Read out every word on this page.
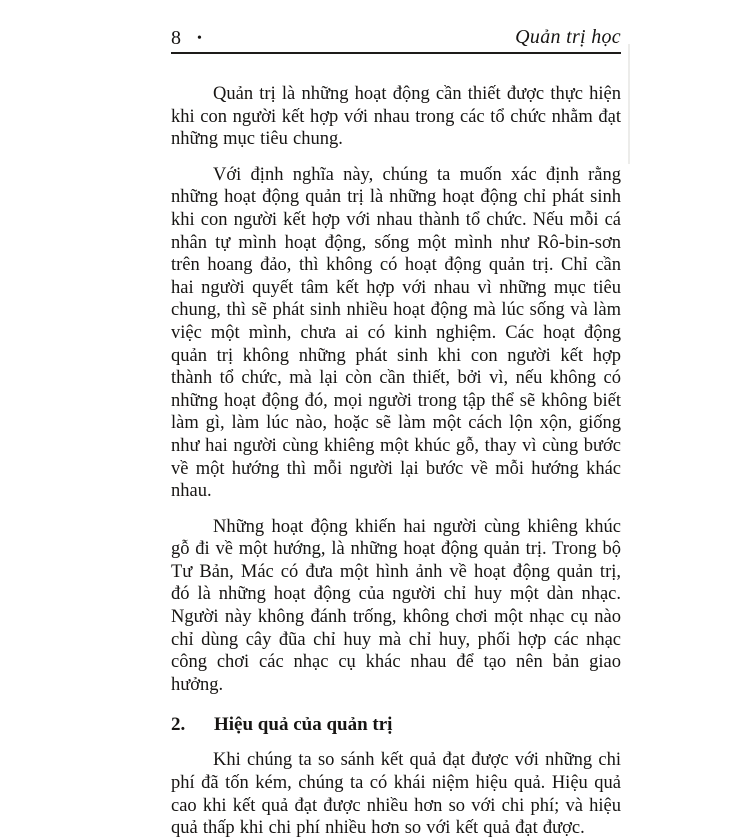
8 •	Quản trị học

Quản trị là những hoạt động cần thiết được thực hiện khi con người kết hợp với nhau trong các tổ chức nhằm đạt những mục tiêu chung.

Với định nghĩa này, chúng ta muốn xác định rằng những hoạt động quản trị là những hoạt động chỉ phát sinh khi con người kết hợp với nhau thành tổ chức. Nếu mỗi cá nhân tự mình hoạt động, sống một mình như Rô-bin-sơn trên hoang đảo, thì không có hoạt động quản trị. Chỉ cần hai người quyết tâm kết hợp với nhau vì những mục tiêu chung, thì sẽ phát sinh nhiều hoạt động mà lúc sống và làm việc một mình, chưa ai có kinh nghiệm. Các hoạt động quản trị không những phát sinh khi con người kết hợp thành tổ chức, mà lại còn cần thiết, bởi vì, nếu không có những hoạt động đó, mọi người trong tập thể sẽ không biết làm gì, làm lúc nào, hoặc sẽ làm một cách lộn xộn, giống như hai người cùng khiêng một khúc gỗ, thay vì cùng bước về một hướng thì mỗi người lại bước về mỗi hướng khác nhau.

Những hoạt động khiến hai người cùng khiêng khúc gỗ đi về một hướng, là những hoạt động quản trị. Trong bộ Tư Bản, Mác có đưa một hình ảnh về hoạt động quản trị, đó là những hoạt động của người chỉ huy một dàn nhạc. Người này không đánh trống, không chơi một nhạc cụ nào chỉ dùng cây đũa chỉ huy mà chỉ huy, phối hợp các nhạc công chơi các nhạc cụ khác nhau để tạo nên bản giao hưởng.

2.	Hiệu quả của quản trị

Khi chúng ta so sánh kết quả đạt được với những chi phí đã tốn kém, chúng ta có khái niệm hiệu quả. Hiệu quả cao khi kết quả đạt được nhiều hơn so với chi phí; và hiệu quả thấp khi chi phí nhiều hơn so với kết quả đạt được.
